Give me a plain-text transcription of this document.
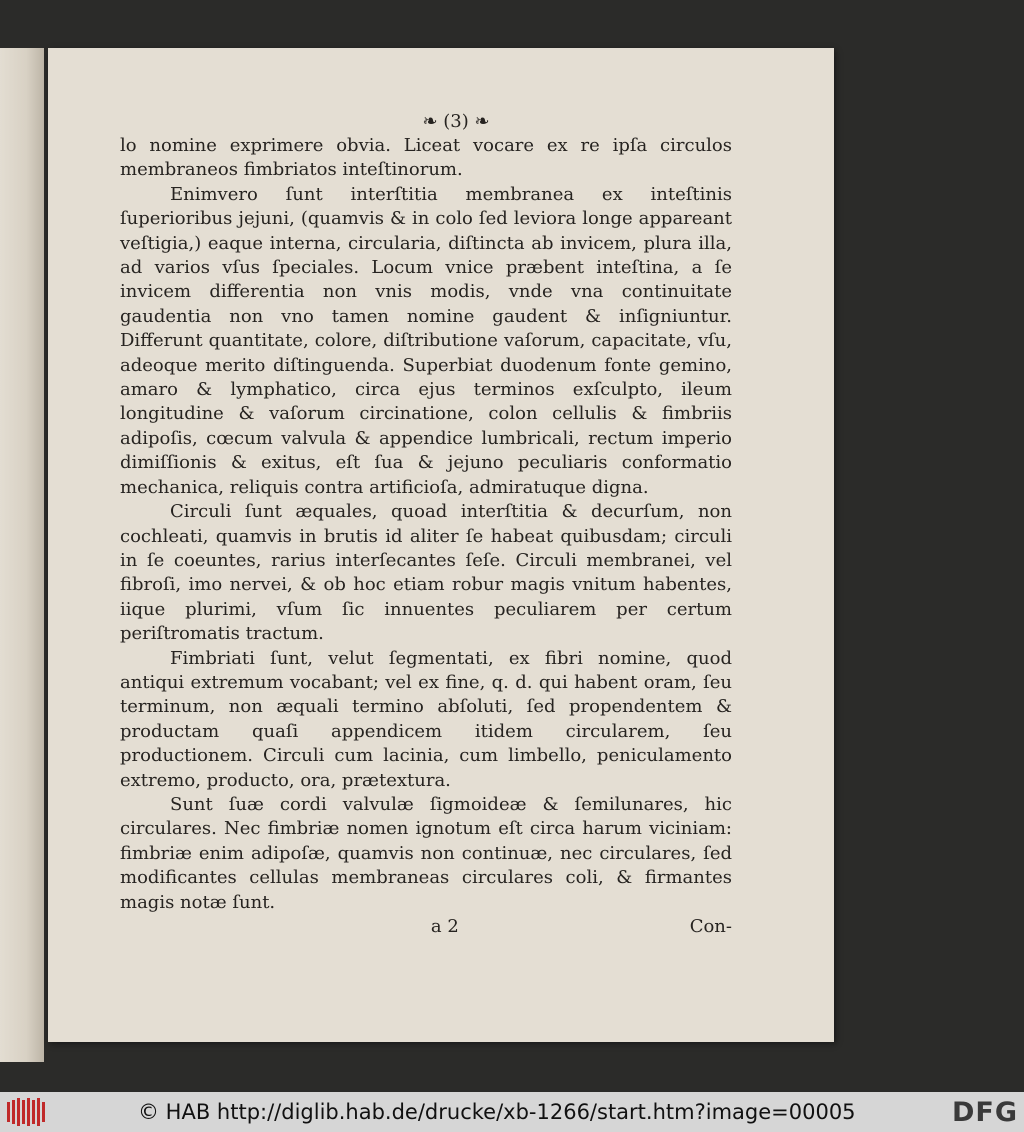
❧ (3) ❧

lo nomine exprimere obvia. Liceat vocare ex re ipſa circulos membraneos fimbriatos inteſtinorum.

Enimvero ſunt interſtitia membranea ex inteſtinis ſuperioribus jejuni, (quamvis & in colo ſed leviora longe appareant veſtigia,) eaque interna, circularia, diſtincta ab invicem, plura illa, ad varios vſus ſpeciales. Locum vnice præbent inteſtina, a ſe invicem differentia non vnis modis, vnde vna continuitate gaudentia non vno tamen nomine gaudent & inſigniuntur. Differunt quantitate, colore, diſtributione vaſorum, capacitate, vſu, adeoque merito diſtinguenda. Superbiat duodenum fonte gemino, amaro & lymphatico, circa ejus terminos exſculpto, ileum longitudine & vaſorum circinatione, colon cellulis & fimbriis adipoſis, cœcum valvula & appendice lumbricali, rectum imperio dimiſſionis & exitus, eſt ſua & jejuno peculiaris conformatio mechanica, reliquis contra artificioſa, admiratuque digna.

Circuli ſunt æquales, quoad interſtitia & decurſum, non cochleati, quamvis in brutis id aliter ſe habeat quibusdam; circuli in ſe coeuntes, rarius interſecantes ſeſe. Circuli membranei, vel fibroſi, imo nervei, & ob hoc etiam robur magis vnitum habentes, iique plurimi, vſum ſic innuentes peculiarem per certum periſtromatis tractum.

Fimbriati ſunt, velut ſegmentati, ex fibri nomine, quod antiqui extremum vocabant; vel ex fine, q. d. qui habent oram, ſeu terminum, non æquali termino abſoluti, ſed propendentem & productam quaſi appendicem itidem circularem, ſeu productionem. Circuli cum lacinia, cum limbello, peniculamento extremo, producto, ora, prætextura.

Sunt ſuæ cordi valvulæ ſigmoideæ & ſemilunares, hic circulares. Nec fimbriæ nomen ignotum eſt circa harum viciniam: fimbriæ enim adipoſæ, quamvis non continuæ, nec circulares, ſed modificantes cellulas membraneas circulares coli, & firmantes magis notæ ſunt.

a 2	Con-
© HAB http://diglib.hab.de/drucke/xb-1266/start.htm?image=00005	DFG
